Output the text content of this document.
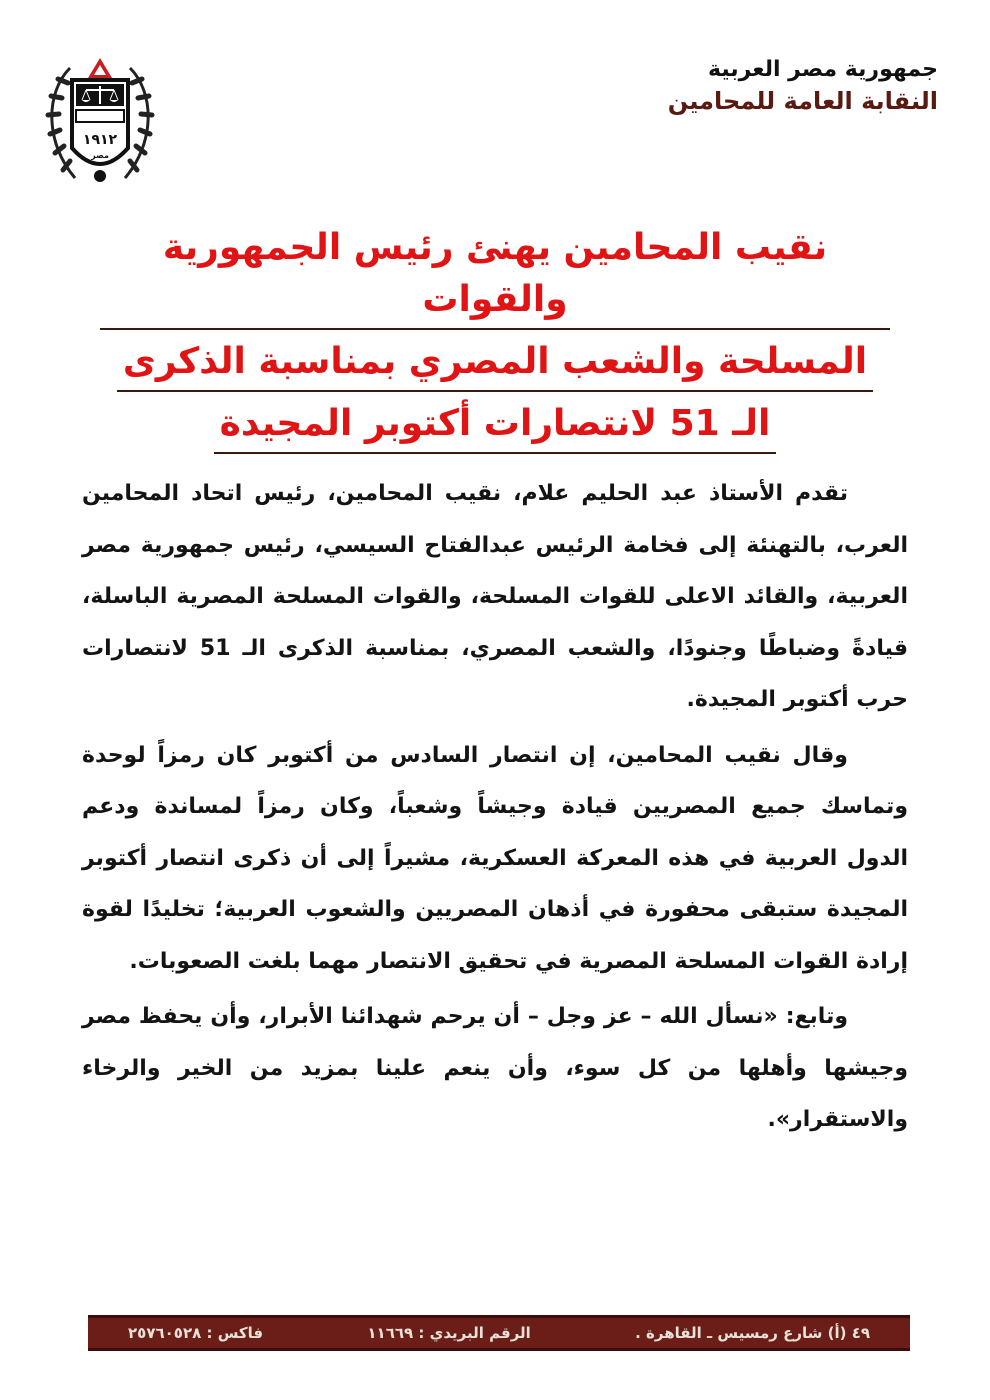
١٩١٢
مصر
جمهورية مصر العربية
النقابة العامة للمحامين
نقيب المحامين يهنئ رئيس الجمهورية والقوات
المسلحة والشعب المصري بمناسبة الذكرى
الـ 51 لانتصارات أكتوبر المجيدة

تقدم الأستاذ عبد الحليم علام، نقيب المحامين، رئيس اتحاد المحامين العرب، بالتهنئة إلى فخامة الرئيس عبدالفتاح السيسي، رئيس جمهورية مصر العربية، والقائد الاعلى للقوات المسلحة، والقوات المسلحة المصرية الباسلة، قيادةً وضباطًا وجنودًا، والشعب المصري، بمناسبة الذكرى الـ 51 لانتصارات حرب أكتوبر المجيدة.

وقال نقيب المحامين، إن انتصار السادس من أكتوبر كان رمزاً لوحدة وتماسك جميع المصريين قيادة وجيشاً وشعباً، وكان رمزاً لمساندة ودعم الدول العربية في هذه المعركة العسكرية، مشيراً إلى أن ذكرى انتصار أكتوبر المجيدة ستبقى محفورة في أذهان المصريين والشعوب العربية؛ تخليدًا لقوة إرادة القوات المسلحة المصرية في تحقيق الانتصار مهما بلغت الصعوبات.

وتابع: «نسأل الله – عز وجل – أن يرحم شهدائنا الأبرار، وأن يحفظ مصر وجيشها وأهلها من كل سوء، وأن ينعم علينا بمزيد من الخير والرخاء والاستقرار».

٤٩ (أ) شارع رمسيس ـ القاهرة .
الرقم البريدي : ١١٦٦٩
فاكس : ٢٥٧٦٠٥٢٨
